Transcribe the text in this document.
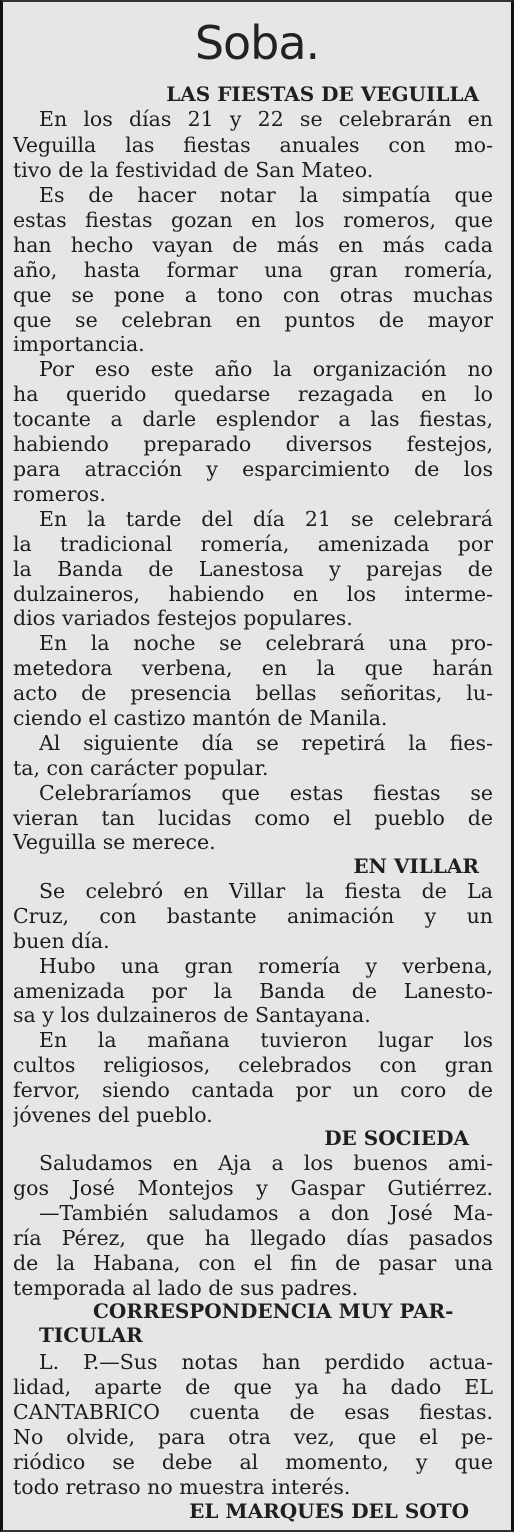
Soba.
LAS FIESTAS DE VEGUILLA
En los días 21 y 22 se celebrarán en
Veguilla las fiestas anuales con mo-
tivo de la festividad de San Mateo.
Es de hacer notar la simpatía que
estas fiestas gozan en los romeros, que
han hecho vayan de más en más cada
año, hasta formar una gran romería,
que se pone a tono con otras muchas
que se celebran en puntos de mayor
importancia.
Por eso este año la organización no
ha querido quedarse rezagada en lo
tocante a darle esplendor a las fiestas,
habiendo preparado diversos festejos,
para atracción y esparcimiento de los
romeros.
En la tarde del día 21 se celebrará
la tradicional romería, amenizada por
la Banda de Lanestosa y parejas de
dulzaineros, habiendo en los interme-
dios variados festejos populares.
En la noche se celebrará una pro-
metedora verbena, en la que harán
acto de presencia bellas señoritas, lu-
ciendo el castizo mantón de Manila.
Al siguiente día se repetirá la fies-
ta, con carácter popular.
Celebraríamos que estas fiestas se
vieran tan lucidas como el pueblo de
Veguilla se merece.
EN VILLAR
Se celebró en Villar la fiesta de La
Cruz, con bastante animación y un
buen día.
Hubo una gran romería y verbena,
amenizada por la Banda de Lanesto-
sa y los dulzaineros de Santayana.
En la mañana tuvieron lugar los
cultos religiosos, celebrados con gran
fervor, siendo cantada por un coro de
jóvenes del pueblo.
DE SOCIEDA
Saludamos en Aja a los buenos ami-
gos José Montejos y Gaspar Gutiérrez.
—También saludamos a don José Ma-
ría Pérez, que ha llegado días pasados
de la Habana, con el fin de pasar una
temporada al lado de sus padres.
CORRESPONDENCIA MUY PAR-
TICULAR
L. P.—Sus notas han perdido actua-
lidad, aparte de que ya ha dado EL
CANTABRICO cuenta de esas fiestas.
No olvide, para otra vez, que el pe-
riódico se debe al momento, y que
todo retraso no muestra interés.
EL MARQUES DEL SOTO
